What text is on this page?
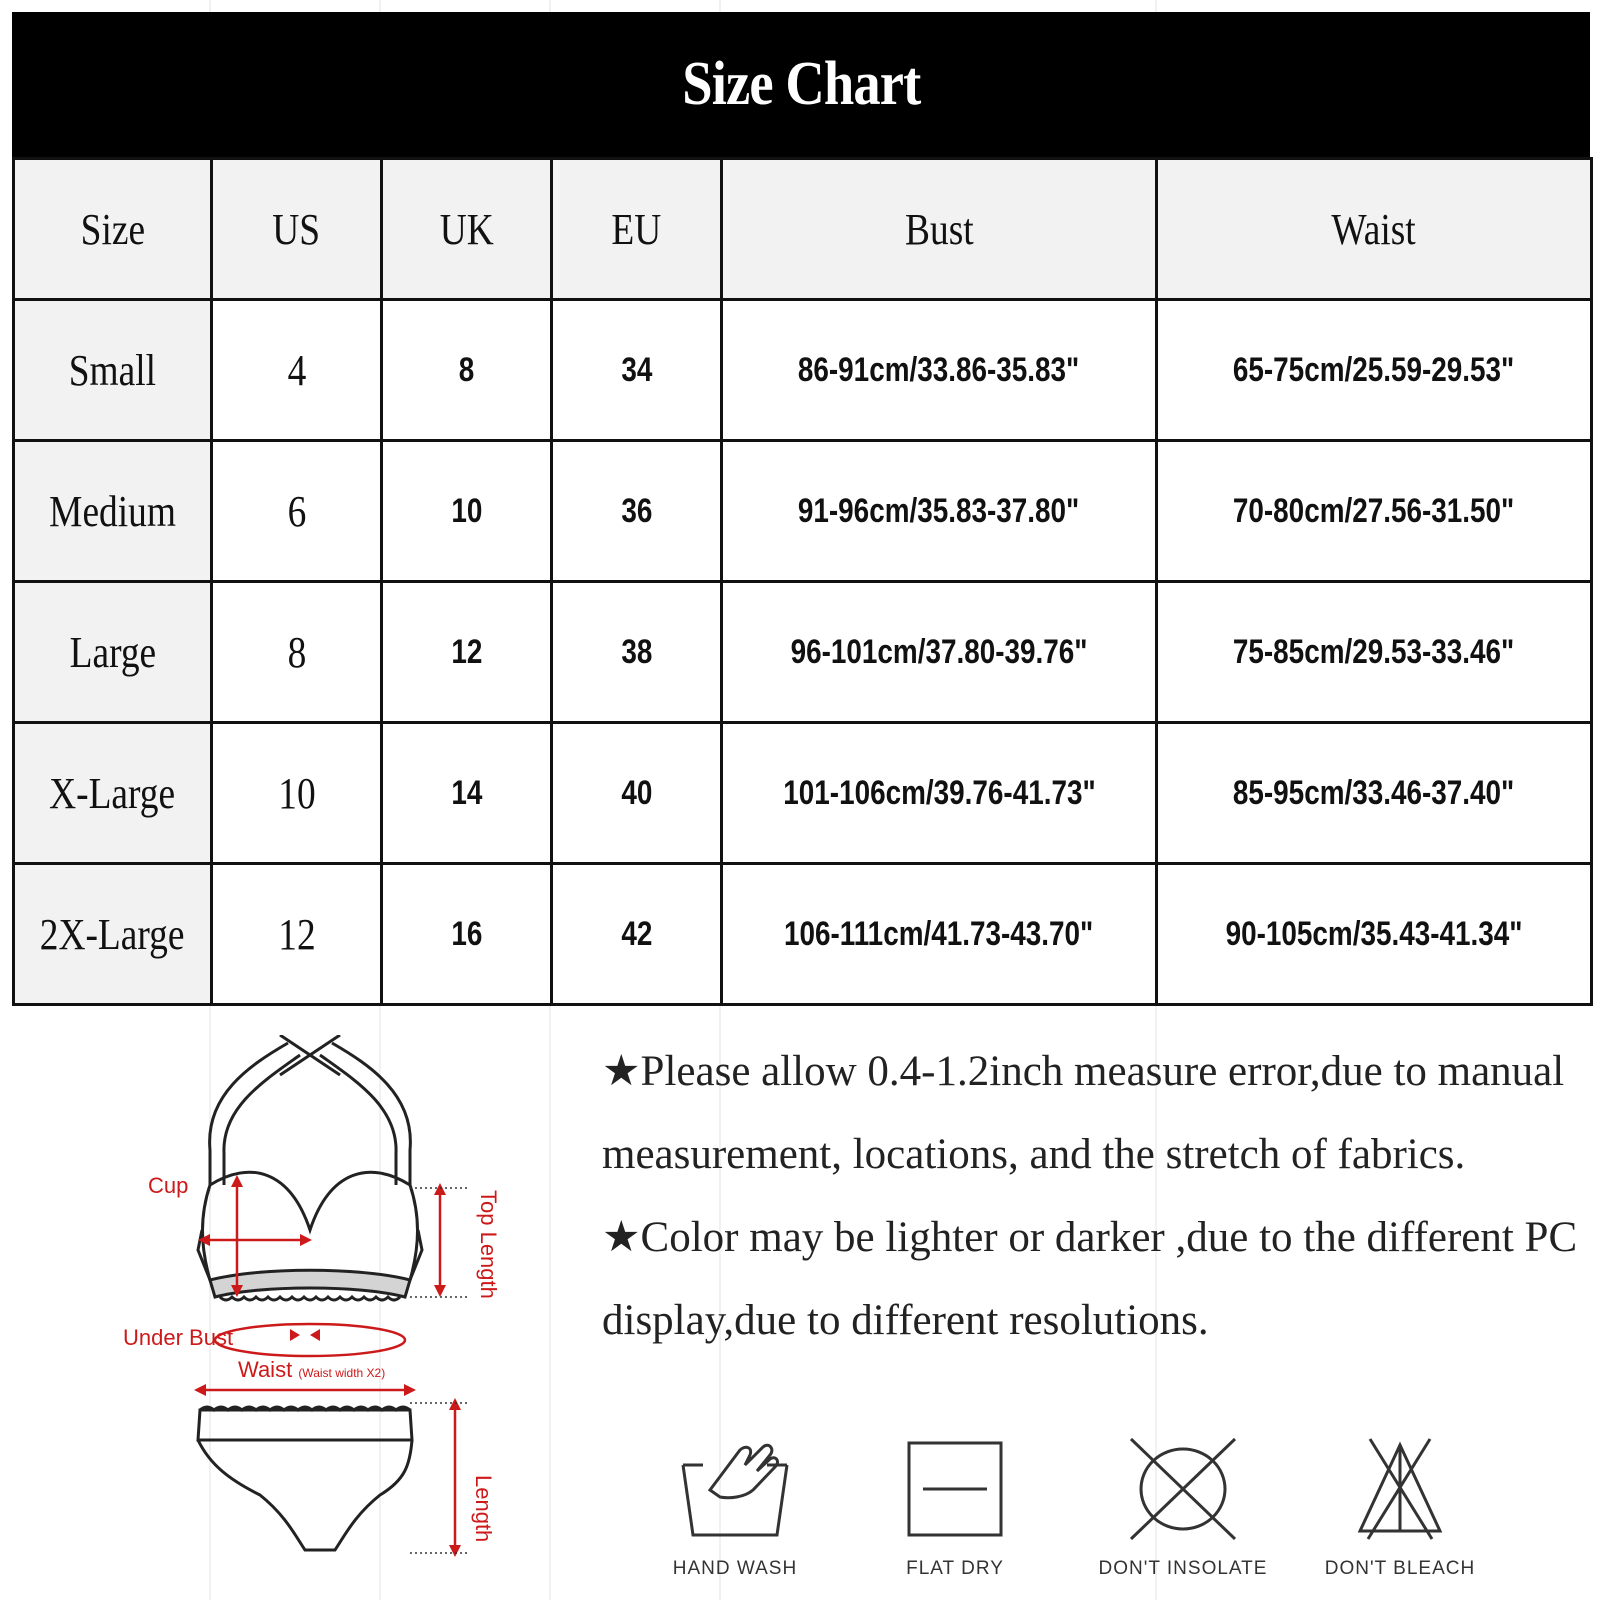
Size Chart
Size	US	UK	EU	Bust	Waist
Small	4	8	34	86-91cm/33.86-35.83"	65-75cm/25.59-29.53"
Medium	6	10	36	91-96cm/35.83-37.80"	70-80cm/27.56-31.50"
Large	8	12	38	96-101cm/37.80-39.76"	75-85cm/29.53-33.46"
X-Large	10	14	40	101-106cm/39.76-41.73"	85-95cm/33.46-37.40"
2X-Large	12	16	42	106-111cm/41.73-43.70"	90-105cm/35.43-41.34"
Cup
Top Length
Under Bust
Waist (Waist width X2)
Length

★Please allow 0.4-1.2inch measure error,due to manual measurement, locations, and the stretch of fabrics.

★Color may be lighter or darker ,due to the different PC display,due to different resolutions.

HAND WASH	FLAT DRY	DON'T INSOLATE	DON'T BLEACH
